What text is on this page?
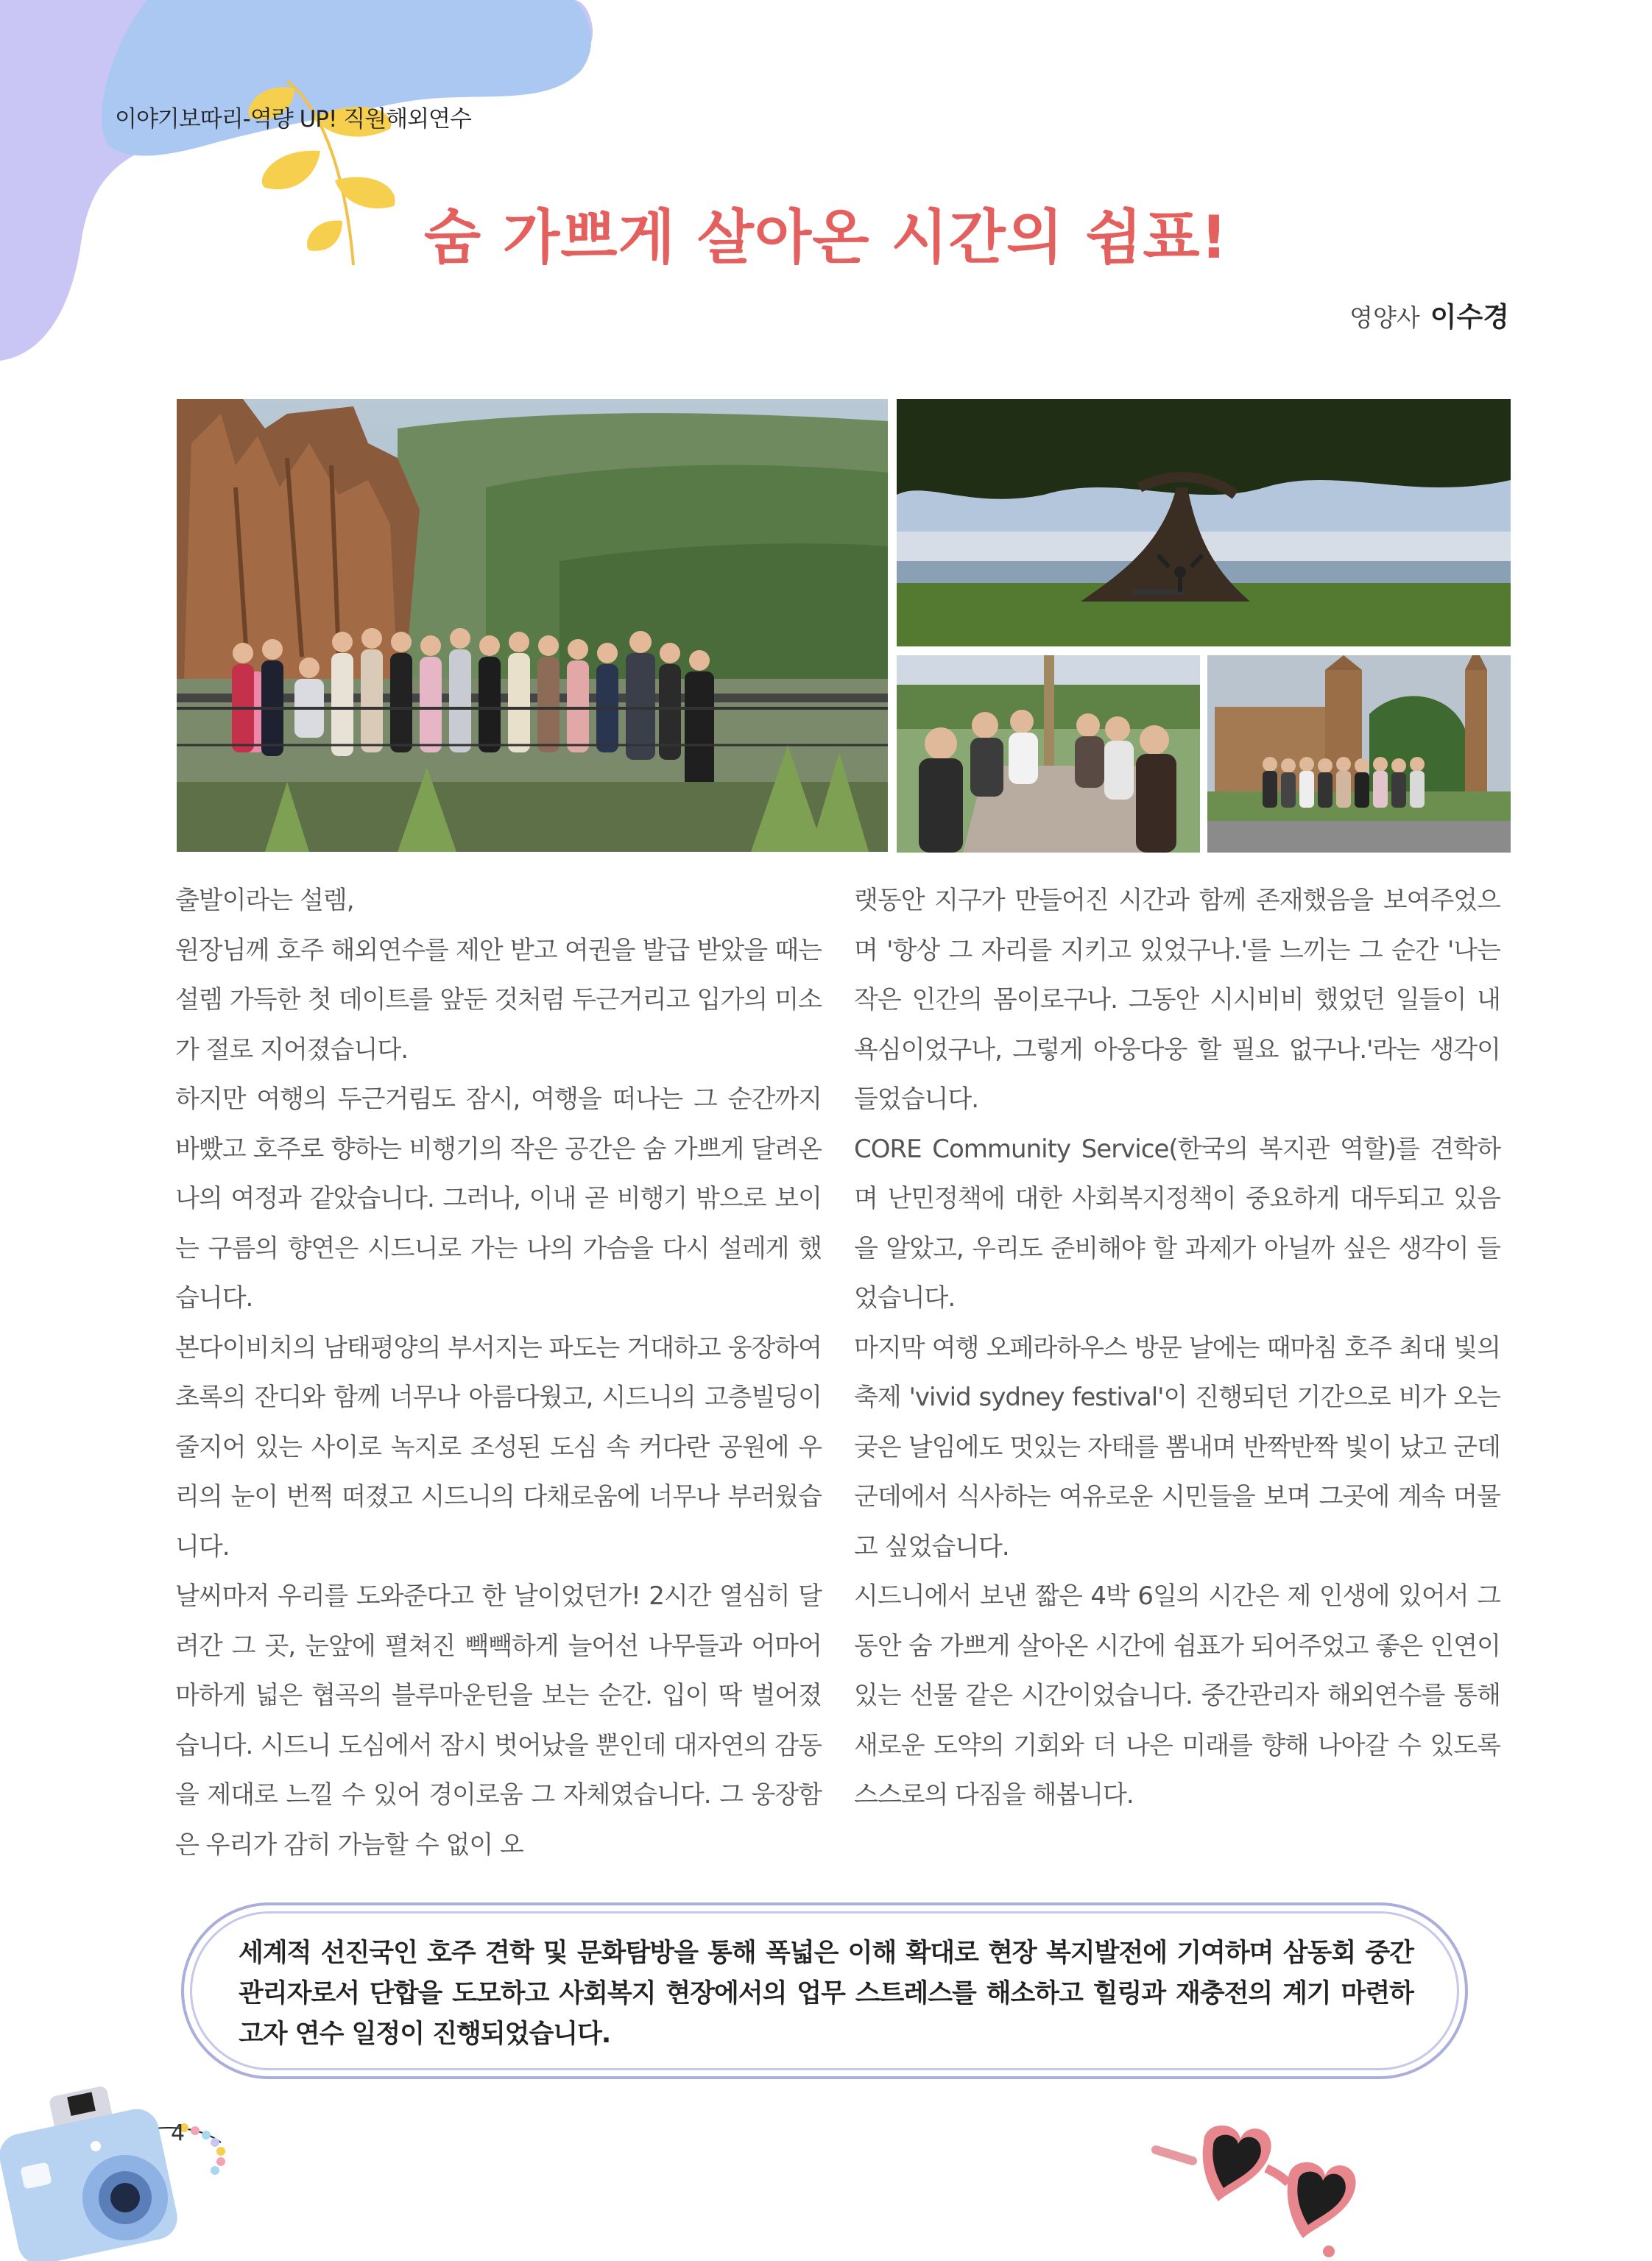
이야기보따리-역량 UP! 직원해외연수
숨 가쁘게 살아온 시간의 쉼표!
영양사 이수경

출발이라는 설렘,

원장님께 호주 해외연수를 제안 받고 여권을 발급 받았을 때는 설렘 가득한 첫 데이트를 앞둔 것처럼 두근거리고 입가의 미소가 절로 지어졌습니다.

하지만 여행의 두근거림도 잠시, 여행을 떠나는 그 순간까지 바빴고 호주로 향하는 비행기의 작은 공간은 숨 가쁘게 달려온 나의 여정과 같았습니다. 그러나, 이내 곧 비행기 밖으로 보이는 구름의 향연은 시드니로 가는 나의 가슴을 다시 설레게 했습니다.

본다이비치의 남태평양의 부서지는 파도는 거대하고 웅장하여 초록의 잔디와 함께 너무나 아름다웠고, 시드니의 고층빌딩이 줄지어 있는 사이로 녹지로 조성된 도심 속 커다란 공원에 우리의 눈이 번쩍 떠졌고 시드니의 다채로움에 너무나 부러웠습니다.

날씨마저 우리를 도와준다고 한 날이었던가! 2시간 열심히 달려간 그 곳, 눈앞에 펼쳐진 빽빽하게 늘어선 나무들과 어마어마하게 넓은 협곡의 블루마운틴을 보는 순간. 입이 딱 벌어졌습니다. 시드니 도심에서 잠시 벗어났을 뿐인데 대자연의 감동을 제대로 느낄 수 있어 경이로움 그 자체였습니다. 그 웅장함은 우리가 감히 가늠할 수 없이 오

랫동안 지구가 만들어진 시간과 함께 존재했음을 보여주었으며 '항상 그 자리를 지키고 있었구나.'를 느끼는 그 순간 '나는 작은 인간의 몸이로구나. 그동안 시시비비 했었던 일들이 내 욕심이었구나, 그렇게 아웅다웅 할 필요 없구나.'라는 생각이 들었습니다.

CORE Community Service(한국의 복지관 역할)를 견학하며 난민정책에 대한 사회복지정책이 중요하게 대두되고 있음을 알았고, 우리도 준비해야 할 과제가 아닐까 싶은 생각이 들었습니다.

마지막 여행 오페라하우스 방문 날에는 때마침 호주 최대 빛의 축제 'vivid sydney festival'이 진행되던 기간으로 비가 오는 궂은 날임에도 멋있는 자태를 뽐내며 반짝반짝 빛이 났고 군데군데에서 식사하는 여유로운 시민들을 보며 그곳에 계속 머물고 싶었습니다.

시드니에서 보낸 짧은 4박 6일의 시간은 제 인생에 있어서 그동안 숨 가쁘게 살아온 시간에 쉼표가 되어주었고 좋은 인연이 있는 선물 같은 시간이었습니다. 중간관리자 해외연수를 통해 새로운 도약의 기회와 더 나은 미래를 향해 나아갈 수 있도록 스스로의 다짐을 해봅니다.

세계적 선진국인 호주 견학 및 문화탐방을 통해 폭넓은 이해 확대로 현장 복지발전에 기여하며 삼동회 중간관리자로서 단합을 도모하고 사회복지 현장에서의 업무 스트레스를 해소하고 힐링과 재충전의 계기 마련하고자 연수 일정이 진행되었습니다.
4
